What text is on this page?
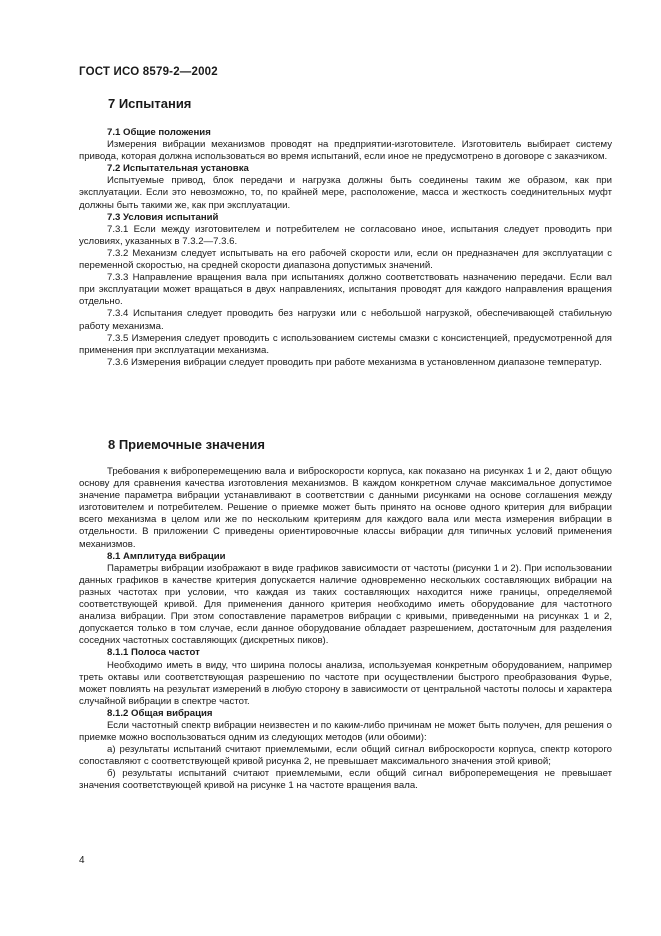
ГОСТ ИСО 8579-2—2002
7 Испытания

7.1 Общие положения

Измерения вибрации механизмов проводят на предприятии-изготовителе. Изготовитель выбирает систему привода, которая должна использоваться во время испытаний, если иное не предусмотрено в договоре с заказчиком.

7.2 Испытательная установка

Испытуемые привод, блок передачи и нагрузка должны быть соединены таким же образом, как при эксплуатации. Если это невозможно, то, по крайней мере, расположение, масса и жесткость соединительных муфт должны быть такими же, как при эксплуатации.

7.3 Условия испытаний

7.3.1 Если между изготовителем и потребителем не согласовано иное, испытания следует проводить при условиях, указанных в 7.3.2—7.3.6.

7.3.2 Механизм следует испытывать на его рабочей скорости или, если он предназначен для эксплуатации с переменной скоростью, на средней скорости диапазона допустимых значений.

7.3.3 Направление вращения вала при испытаниях должно соответствовать назначению передачи. Если вал при эксплуатации может вращаться в двух направлениях, испытания проводят для каждого направления вращения отдельно.

7.3.4 Испытания следует проводить без нагрузки или с небольшой нагрузкой, обеспечивающей стабильную работу механизма.

7.3.5 Измерения следует проводить с использованием системы смазки с консистенцией, предусмотренной для применения при эксплуатации механизма.

7.3.6 Измерения вибрации следует проводить при работе механизма в установленном диапазоне температур.

8 Приемочные значения

Требования к виброперемещению вала и виброскорости корпуса, как показано на рисунках 1 и 2, дают общую основу для сравнения качества изготовления механизмов. В каждом конкретном случае максимальное допустимое значение параметра вибрации устанавливают в соответствии с данными рисунками на основе соглашения между изготовителем и потребителем. Решение о приемке может быть принято на основе одного критерия для вибрации всего механизма в целом или же по нескольким критериям для каждого вала или места измерения вибрации в отдельности. В приложении С приведены ориентировочные классы вибрации для типичных условий применения механизмов.

8.1 Амплитуда вибрации

Параметры вибрации изображают в виде графиков зависимости от частоты (рисунки 1 и 2). При использовании данных графиков в качестве критерия допускается наличие одновременно нескольких составляющих вибрации на разных частотах при условии, что каждая из таких составляющих находится ниже границы, определяемой соответствующей кривой. Для применения данного критерия необходимо иметь оборудование для частотного анализа вибрации. При этом сопоставление параметров вибрации с кривыми, приведенными на рисунках 1 и 2, допускается только в том случае, если данное оборудование обладает разрешением, достаточным для разделения соседних частотных составляющих (дискретных пиков).

8.1.1 Полоса частот

Необходимо иметь в виду, что ширина полосы анализа, используемая конкретным оборудованием, например треть октавы или соответствующая разрешению по частоте при осуществлении быстрого преобразования Фурье, может повлиять на результат измерений в любую сторону в зависимости от центральной частоты полосы и характера случайной вибрации в спектре частот.

8.1.2 Общая вибрация

Если частотный спектр вибрации неизвестен и по каким-либо причинам не может быть получен, для решения о приемке можно воспользоваться одним из следующих методов (или обоими):

а) результаты испытаний считают приемлемыми, если общий сигнал виброскорости корпуса, спектр которого сопоставляют с соответствующей кривой рисунка 2, не превышает максимального значения этой кривой;

б) результаты испытаний считают приемлемыми, если общий сигнал виброперемещения не превышает значения соответствующей кривой на рисунке 1 на частоте вращения вала.

4
